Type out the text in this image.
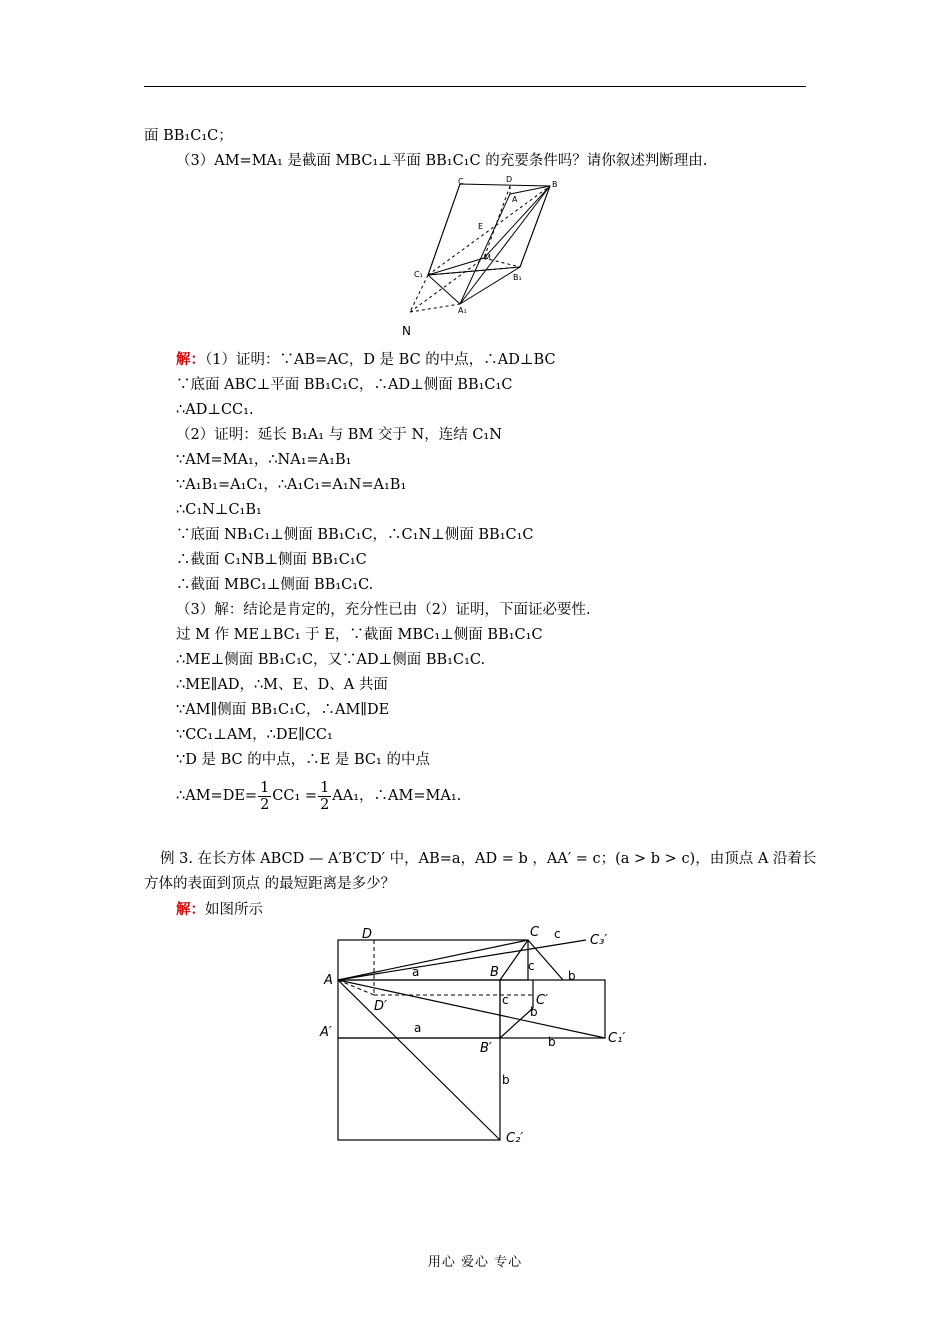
面 BB₁C₁C；
（3）AM=MA₁ 是截面 MBC₁⊥平面 BB₁C₁C 的充要条件吗？请你叙述判断理由.
C	D
B
A
E
M
C₁	B₁
A₁
N
解：（1）证明：∵AB=AC，D 是 BC 的中点，∴AD⊥BC
∵底面 ABC⊥平面 BB₁C₁C，∴AD⊥侧面 BB₁C₁C
∴AD⊥CC₁.
（2）证明：延长 B₁A₁ 与 BM 交于 N，连结 C₁N
∵AM=MA₁，∴NA₁=A₁B₁
∵A₁B₁=A₁C₁，∴A₁C₁=A₁N=A₁B₁
∴C₁N⊥C₁B₁
∵底面 NB₁C₁⊥侧面 BB₁C₁C，∴C₁N⊥侧面 BB₁C₁C
∴截面 C₁NB⊥侧面 BB₁C₁C
∴截面 MBC₁⊥侧面 BB₁C₁C.
（3）解：结论是肯定的，充分性已由（2）证明，下面证必要性.
过 M 作 ME⊥BC₁ 于 E，∵截面 MBC₁⊥侧面 BB₁C₁C
∴ME⊥侧面 BB₁C₁C，又∵AD⊥侧面 BB₁C₁C.
∴ME∥AD，∴M、E、D、A 共面
∵AM∥侧面 BB₁C₁C，∴AM∥DE
∵CC₁⊥AM，∴DE∥CC₁
∵D 是 BC 的中点，∴E 是 BC₁ 的中点
∴AM=DE= $\frac{1}{2} CC_1 = \frac{1}{2} AA_1$，∴AM=MA₁.
例 3. 在长方体 ABCD — A′B′C′D′ 中，AB=a，AD = b ，AA′ = c；(a > b > c)，由顶点 A 沿着长
方体的表面到顶点 的最短距离是多少？
解：如图所示
D	C
C₃′
A
B
D′	C′
A′
B′
C₁′
C₂′
c
a	c
b
c
b
a
b
b
用心 爱心 专心
